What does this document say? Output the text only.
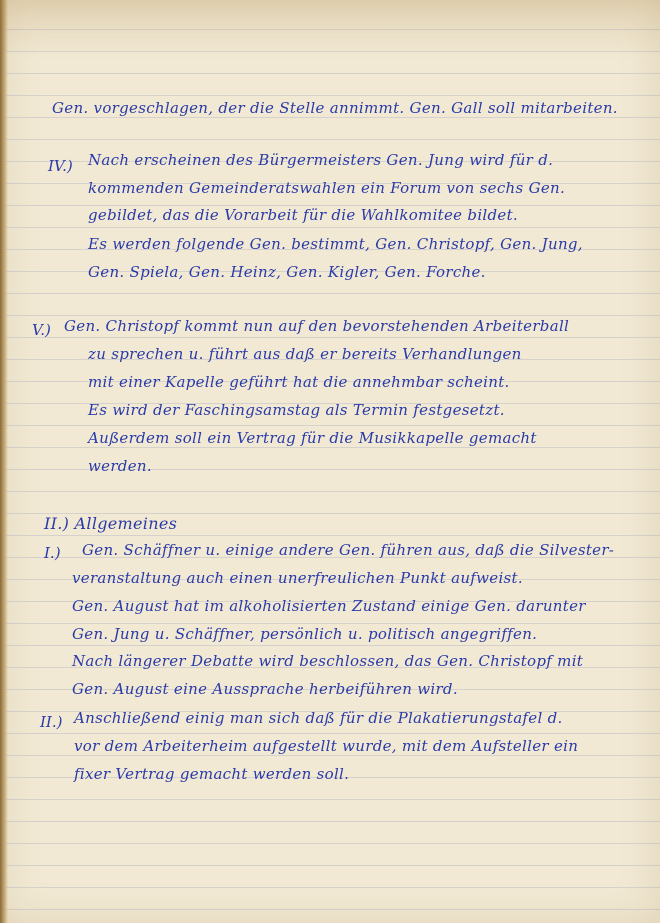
Gen. vorgeschlagen, der die Stelle annimmt. Gen. Gall soll mitarbeiten.
IV.) Nach erscheinen des Bürgermeisters Gen. Jung wird für d.
kommenden Gemeinderatswahlen ein Forum von sechs Gen.
gebildet, das die Vorarbeit für die Wahlkomitee bildet.
Es werden folgende Gen. bestimmt, Gen. Christopf, Gen. Jung,
Gen. Spiela, Gen. Heinz, Gen. Kigler, Gen. Forche.
V.) Gen. Christopf kommt nun auf den bevorstehenden Arbeiterball
zu sprechen u. führt aus daß er bereits Verhandlungen
mit einer Kapelle geführt hat die annehmbar scheint.
Es wird der Faschingsamstag als Termin festgesetzt.
Außerdem soll ein Vertrag für die Musikkapelle gemacht
werden.
II.) Allgemeines
I.) Gen. Schäffner u. einige andere Gen. führen aus, daß die Silvester-
veranstaltung auch einen unerfreulichen Punkt aufweist.
Gen. August hat im alkoholisierten Zustand einige Gen. darunter
Gen. Jung u. Schäffner, persönlich u. politisch angegriffen.
Nach längerer Debatte wird beschlossen, das Gen. Christopf mit
Gen. August eine Aussprache herbeiführen wird.
II.) Anschließend einig man sich daß für die Plakatierungstafel d.
vor dem Arbeiterheim aufgestellt wurde, mit dem Aufsteller ein
fixer Vertrag gemacht werden soll.
